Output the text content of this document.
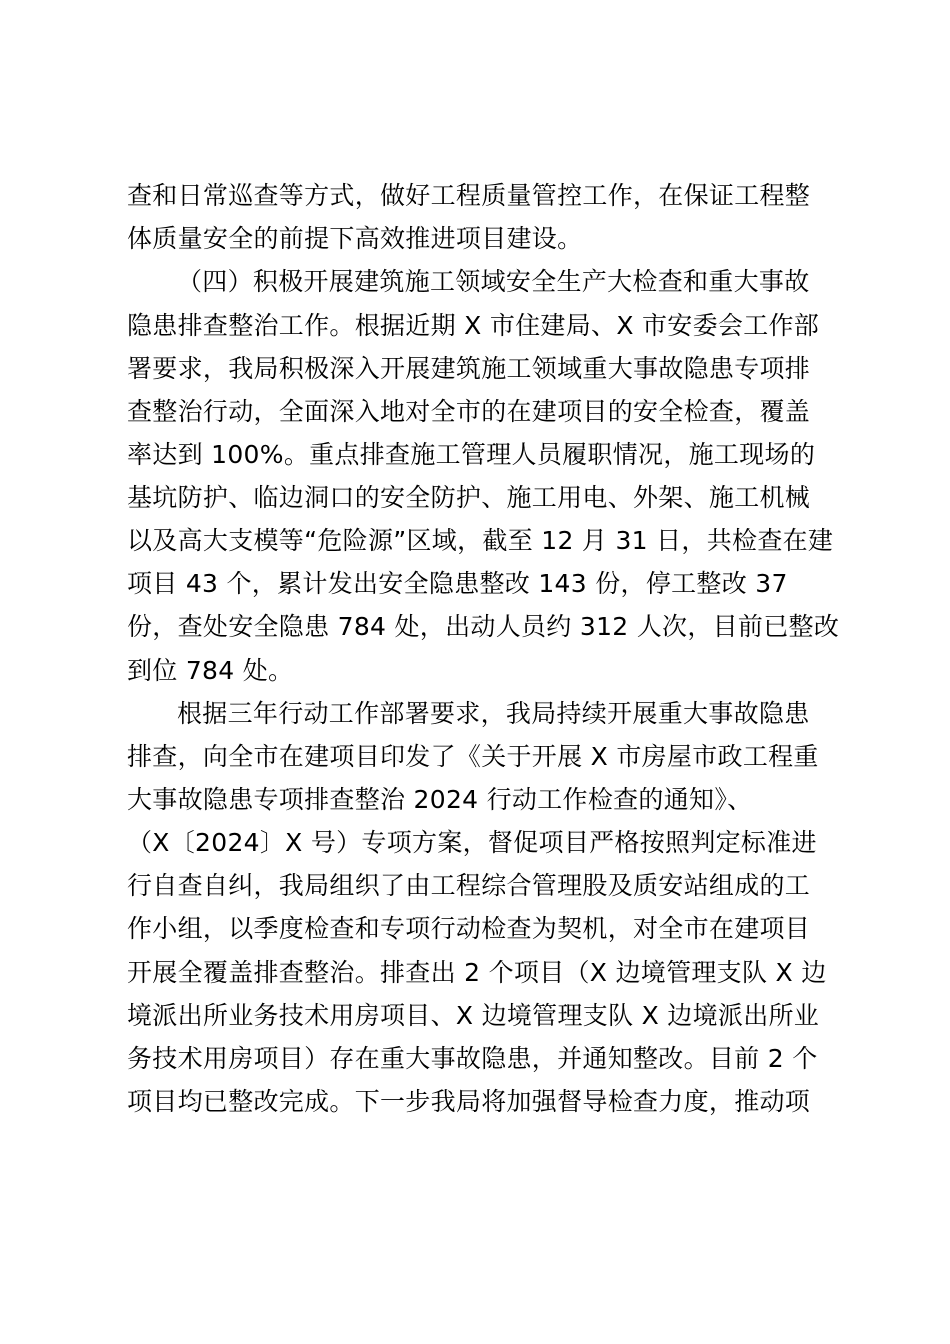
查和日常巡查等方式，做好工程质量管控工作，在保证工程整
体质量安全的前提下高效推进项目建设。
（四）积极开展建筑施工领域安全生产大检查和重大事故
隐患排查整治工作。根据近期 X 市住建局、X 市安委会工作部
署要求，我局积极深入开展建筑施工领域重大事故隐患专项排
查整治行动，全面深入地对全市的在建项目的安全检查，覆盖
率达到 100%。重点排查施工管理人员履职情况，施工现场的
基坑防护、临边洞口的安全防护、施工用电、外架、施工机械
以及高大支模等“危险源”区域，截至 12 月 31 日，共检查在建
项目 43 个，累计发出安全隐患整改 143 份，停工整改 37
份，查处安全隐患 784 处，出动人员约 312 人次，目前已整改
到位 784 处。
根据三年行动工作部署要求，我局持续开展重大事故隐患
排查，向全市在建项目印发了《关于开展 X 市房屋市政工程重
大事故隐患专项排查整治 2024 行动工作检查的通知》、
（X〔2024〕X 号）专项方案，督促项目严格按照判定标准进
行自查自纠，我局组织了由工程综合管理股及质安站组成的工
作小组，以季度检查和专项行动检查为契机，对全市在建项目
开展全覆盖排查整治。排查出 2 个项目（X 边境管理支队 X 边
境派出所业务技术用房项目、X 边境管理支队 X 边境派出所业
务技术用房项目）存在重大事故隐患，并通知整改。目前 2 个
项目均已整改完成。下一步我局将加强督导检查力度，推动项
